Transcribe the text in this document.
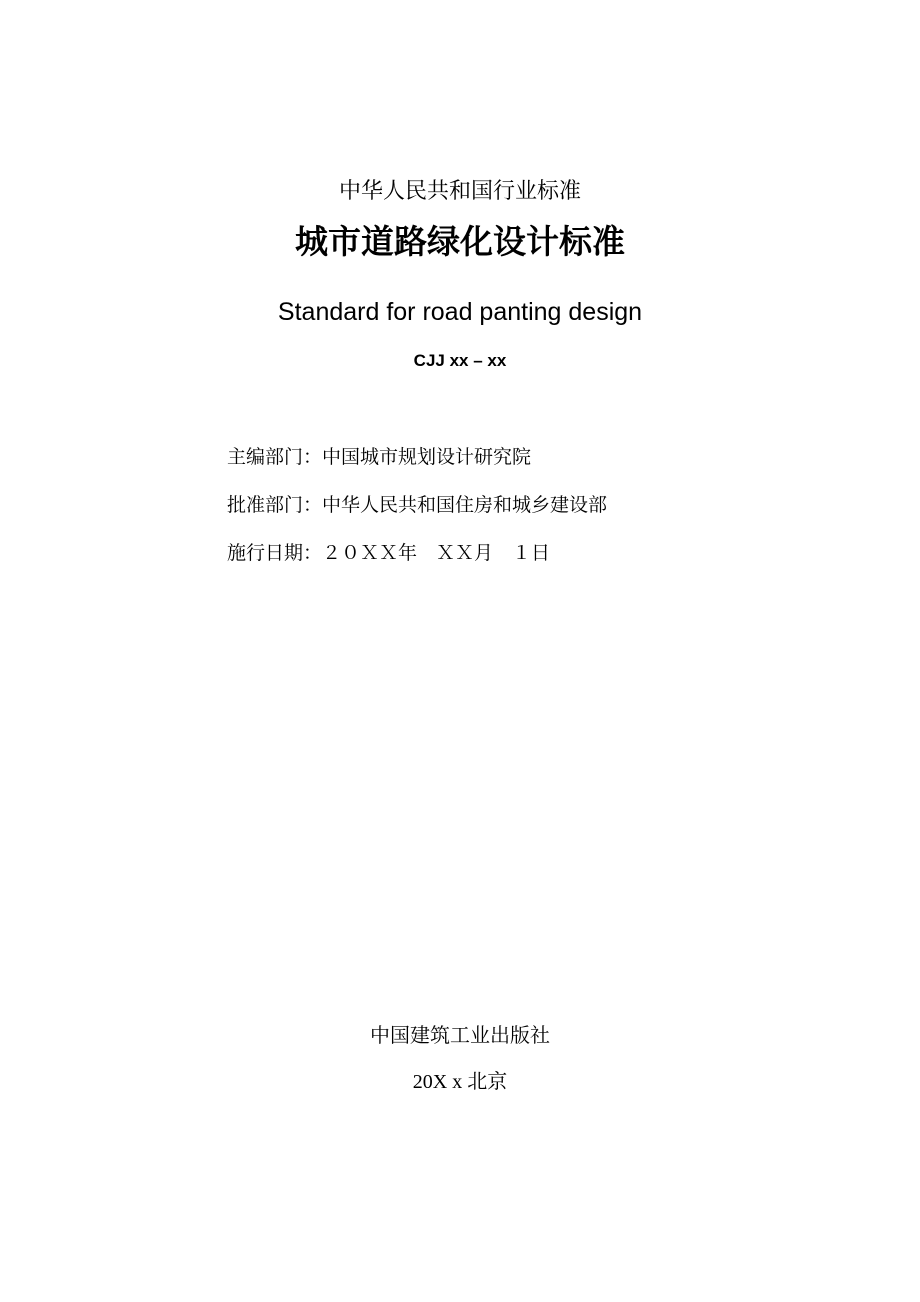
中华人民共和国行业标准
城市道路绿化设计标准
Standard for road panting design
CJJ xx – xx
主编部门：中国城市规划设计研究院
批准部门：中华人民共和国住房和城乡建设部
施行日期：２０ＸＸ年　ＸＸ月　１日
中国建筑工业出版社
20X x 北京
